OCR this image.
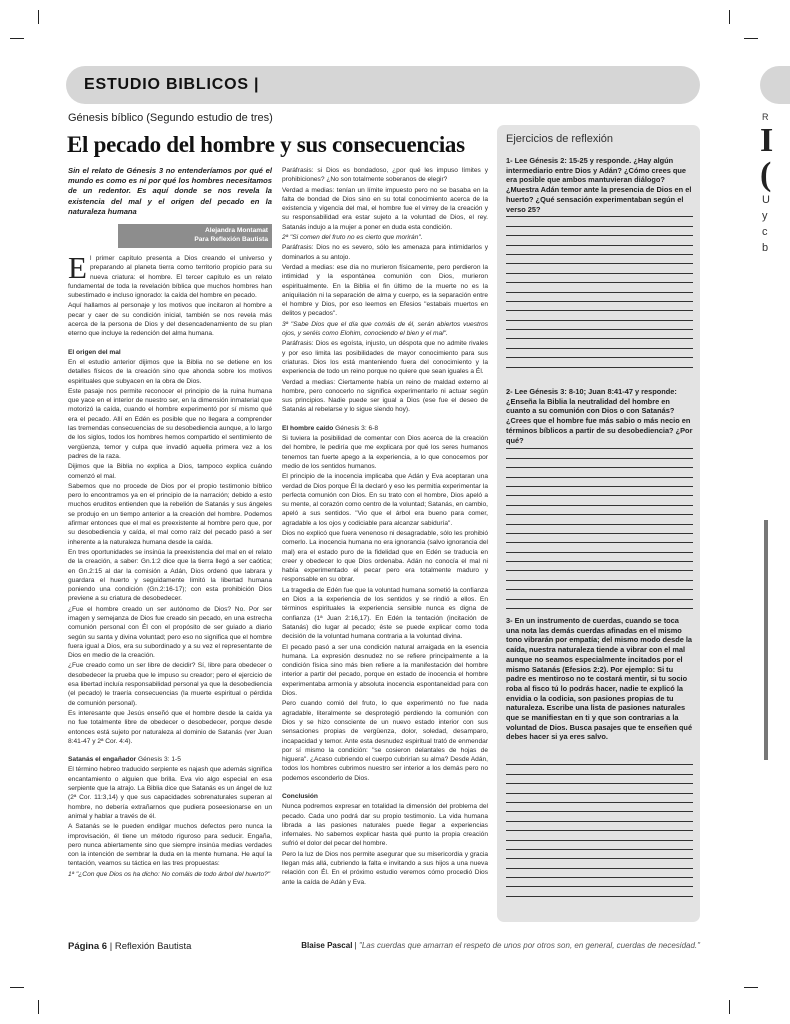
ESTUDIO BIBLICOS |
Génesis bíblico (Segundo estudio de tres)
El pecado del hombre y sus consecuencias
Sin el relato de Génesis 3 no entenderíamos por qué el mundo es como es ni por qué los hombres necesitamos de un redentor. Es aquí donde se nos revela la existencia del mal y el origen del pecado en la naturaleza humana
Alejandra Montamat
Para Reflexión Bautista

El primer capítulo presenta a Dios creando el universo y preparando al planeta tierra como territorio propicio para su nueva criatura: el hombre. El tercer capítulo es un relato fundamental de toda la revelación bíblica que muchos hombres han subestimado e incluso ignorado: la caída del hombre en pecado.

Aquí hallamos al personaje y los motivos que incitaron al hombre a pecar y caer de su condición inicial, también se nos revela más acerca de la persona de Dios y del desencadenamiento de su plan eterno que incluye la redención del alma humana.

El origen del mal

En el estudio anterior dijimos que la Biblia no se detiene en los detalles físicos de la creación sino que ahonda sobre los motivos espirituales que subyacen en la obra de Dios.

Este pasaje nos permite reconocer el principio de la ruina humana que yace en el interior de nuestro ser, en la dimensión inmaterial que motorizó la caída, cuando el hombre experimentó por sí mismo qué era el pecado. Allí en Edén es posible que no llegara a comprender las tremendas consecuencias de su desobediencia aunque, a lo largo de los siglos, todos los hombres hemos compartido el sentimiento de vergüenza, temor y culpa que invadió aquella primera vez a los padres de la raza.

Dijimos que la Biblia no explica a Dios, tampoco explica cuándo comenzó el mal.

Sabemos que no procede de Dios por el propio testimonio bíblico pero lo encontramos ya en el principio de la narración; debido a esto muchos eruditos entienden que la rebelión de Satanás y sus ángeles se produjo en un tiempo anterior a la creación del hombre. Podemos afirmar entonces que el mal es preexistente al hombre pero que, por su desobediencia y caída, el mal como raíz del pecado pasó a ser inherente a la naturaleza humana desde la caída.

En tres oportunidades se insinúa la preexistencia del mal en el relato de la creación, a saber: Gn.1:2 dice que la tierra llegó a ser caótica; en Gn.2:15 al dar la comisión a Adán, Dios ordenó que labrara y guardara el huerto y seguidamente limitó la libertad humana poniendo una condición (Gn.2:16-17); con esta prohibición Dios previene a su criatura de desobedecer.

¿Fue el hombre creado un ser autónomo de Dios? No. Por ser imagen y semejanza de Dios fue creado sin pecado, en una estrecha comunión personal con Él con el propósito de ser guiado a diario según su santa y divina voluntad; pero eso no significa que el hombre fuera igual a Dios, era su subordinado y a su vez el representante de Dios en medio de la creación.

¿Fue creado como un ser libre de decidir? Sí, libre para obedecer o desobedecer la prueba que le impuso su creador; pero el ejercicio de esa libertad incluía responsabilidad personal ya que la desobediencia (el pecado) le traería consecuencias (la muerte espiritual o pérdida de comunión personal).

Es interesante que Jesús enseñó que el hombre desde la caída ya no fue totalmente libre de obedecer o desobedecer, porque desde entonces está sujeto por naturaleza al dominio de Satanás (ver Juan 8:41-47 y 2ª Cor. 4:4).

Satanás el engañador Génesis 3: 1-5

El término hebreo traducido serpiente es najash que además significa encantamiento o alguien que brilla. Eva vio algo especial en esa serpiente que la atrajo. La Biblia dice que Satanás es un ángel de luz (2ª Cor. 11:3,14) y que sus capacidades sobrenaturales superan al hombre, no debería extrañarnos que pudiera poseesionarse en un animal y hablar a través de él.

A Satanás se le pueden endilgar muchos defectos pero nunca la improvisación, él tiene un método riguroso para seducir. Engaña, pero nunca abiertamente sino que siempre insinúa medias verdades con la intención de sembrar la duda en la mente humana. He aquí la tentación, veamos su táctica en las tres propuestas:

1ª "¿Con que Dios os ha dicho: No comáis de todo árbol del huerto?"

Paráfrasis: si Dios es bondadoso, ¿por qué les impuso límites y prohibiciones? ¿No son totalmente soberanos de elegir?

Verdad a medias: tenían un límite impuesto pero no se basaba en la falta de bondad de Dios sino en su total conocimiento acerca de la existencia y vigencia del mal, el hombre fue el virrey de la creación y su responsabilidad era estar sujeto a la voluntad de Dios, el rey. Satanás indujo a la mujer a poner en duda esta condición.

2ª "Si comen del fruto no es cierto que morirán".

Paráfrasis: Dios no es severo, sólo les amenaza para intimidarlos y dominarlos a su antojo.

Verdad a medias: ese día no murieron físicamente, pero perdieron la intimidad y la espontánea comunión con Dios, murieron espiritualmente. En la Biblia el fin último de la muerte no es la aniquilación ni la separación de alma y cuerpo, es la separación entre el hombre y Dios, por eso leemos en Efesios "estabais muertos en delitos y pecados".

3ª "Sabe Dios que el día que comáis de él, serán abiertos vuestros ojos, y seréis como Elohim, conociendo el bien y el mal".

Paráfrasis: Dios es egoísta, injusto, un déspota que no admite rivales y por eso limita las posibilidades de mayor conocimiento para sus criaturas. Dios los está manteniendo fuera del conocimiento y la experiencia de todo un reino porque no quiere que sean iguales a Él.

Verdad a medias: Ciertamente había un reino de maldad externo al hombre, pero conocerlo no significa experimentarlo ni actuar según sus principios. Nadie puede ser igual a Dios (ese fue el deseo de Satanás al rebelarse y lo sigue siendo hoy).

El hombre caído Génesis 3: 6-8

Si tuviera la posibilidad de comentar con Dios acerca de la creación del hombre, le pediría que me explicara por qué los seres humanos tenemos tan fuerte apego a la experiencia, a lo que conocemos por medio de los sentidos humanos.

El principio de la inocencia implicaba que Adán y Eva aceptaran una verdad de Dios porque Él la declaró y eso les permitía experimentar la perfecta comunión con Dios. En su trato con el hombre, Dios apeló a su mente, al corazón como centro de la voluntad; Satanás, en cambio, apeló a sus sentidos. "Vio que el árbol era bueno para comer, agradable a los ojos y codiciable para alcanzar sabiduría".

Dios no explicó que fuera venenoso ni desagradable, sólo les prohibió comerlo. La inocencia humana no era ignorancia (salvo ignorancia del mal) era el estado puro de la fidelidad que en Edén se traducía en creer y obedecer lo que Dios ordenaba. Adán no conocía el mal ni había experimentado el pecar pero era totalmente maduro y responsable en su obrar.

La tragedia de Edén fue que la voluntad humana sometió la confianza en Dios a la experiencia de los sentidos y se rindió a ellos. En términos espirituales la experiencia sensible nunca es digna de confianza (1ª Juan 2:16,17). En Edén la tentación (incitación de Satanás) dio lugar al pecado; éste se puede explicar como toda decisión de la voluntad humana contraria a la voluntad divina.

El pecado pasó a ser una condición natural arraigada en la esencia humana. La expresión desnudez no se refiere principalmente a la condición física sino más bien refiere a la manifestación del hombre interior a partir del pecado, porque en estado de inocencia el hombre experimentaba armonía y absoluta inocencia espontaneidad para con Dios.

Pero cuando comió del fruto, lo que experimentó no fue nada agradable, literalmente se desprotegió perdiendo la comunión con Dios y se hizo consciente de un nuevo estado interior con sus sensaciones propias de vergüenza, dolor, soledad, desamparo, incapacidad y temor. Ante esta desnudez espiritual trató de enmendar por sí mismo la condición: "se cosieron delantales de hojas de higuera". ¿Acaso cubriendo el cuerpo cubrirían su alma? Desde Adán, todos los hombres cubrimos nuestro ser interior a los demás pero no podemos esconderlo de Dios.

Conclusión

Nunca podremos expresar en totalidad la dimensión del problema del pecado. Cada uno podrá dar su propio testimonio. La vida humana librada a las pasiones naturales puede llegar a experiencias infernales. No sabemos explicar hasta qué punto la propia creación sufrió el dolor del pecar del hombre.

Pero la luz de Dios nos permite asegurar que su misericordia y gracia llegan más allá, cubriendo la falta e invitando a sus hijos a una nueva relación con Él. En el próximo estudio veremos cómo procedió Dios ante la caída de Adán y Eva.

Ejercicios de reflexión
1- Lee Génesis 2: 15-25 y responde. ¿Hay algún intermediario entre Dios y Adán? ¿Cómo crees que era posible que ambos mantuvieran diálogo? ¿Muestra Adán temor ante la presencia de Dios en el huerto? ¿Qué sensación experimentaban según el verso 25?
2- Lee Génesis 3: 8-10; Juan 8:41-47 y responde: ¿Enseña la Biblia la neutralidad del hombre en cuanto a su comunión con Dios o con Satanás? ¿Crees que el hombre fue más sabio o más necio en términos bíblicos a partir de su desobediencia? ¿Por qué?
3- En un instrumento de cuerdas, cuando se toca una nota las demás cuerdas afinadas en el mismo tono vibrarán por empatía; del mismo modo desde la caída, nuestra naturaleza tiende a vibrar con el mal aunque no seamos especialmente incitados por el mismo Satanás (Efesios 2:2). Por ejemplo: Si tu padre es mentiroso no te costará mentir, si tu socio roba al fisco tú lo podrás hacer, nadie te explicó la envidia o la codicia, son pasiones propias de tu naturaleza. Escribe una lista de pasiones naturales que se manifiestan en ti y que son contrarias a la voluntad de Dios. Busca pasajes que te enseñen qué debes hacer si ya eres salvo.
Página 6 | Reflexión Bautista	Blaise Pascal | "Las cuerdas que amarran el respeto de unos por otros son, en general, cuerdas de necesidad."
R
I
(
U
y
c
b
